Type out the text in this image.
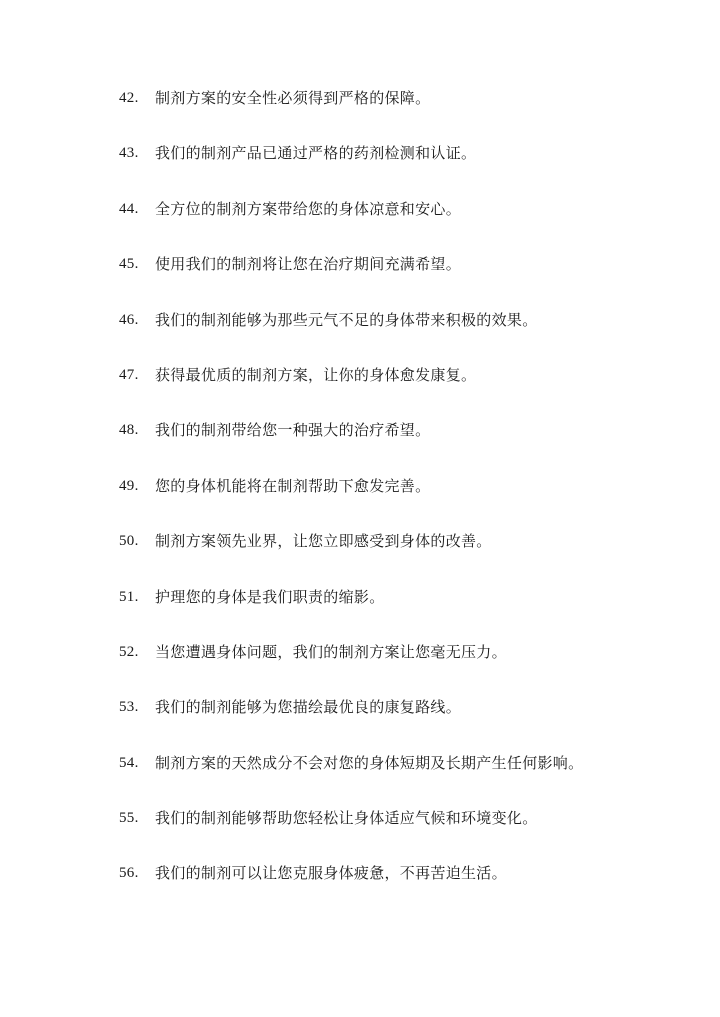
42.	制剂方案的安全性必须得到严格的保障。
43.	我们的制剂产品已通过严格的药剂检测和认证。
44.	全方位的制剂方案带给您的身体凉意和安心。
45.	使用我们的制剂将让您在治疗期间充满希望。
46.	我们的制剂能够为那些元气不足的身体带来积极的效果。
47.	获得最优质的制剂方案，让你的身体愈发康复。
48.	我们的制剂带给您一种强大的治疗希望。
49.	您的身体机能将在制剂帮助下愈发完善。
50.	制剂方案领先业界，让您立即感受到身体的改善。
51.	护理您的身体是我们职责的缩影。
52.	当您遭遇身体问题，我们的制剂方案让您毫无压力。
53.	我们的制剂能够为您描绘最优良的康复路线。
54.	制剂方案的天然成分不会对您的身体短期及长期产生任何影响。
55.	我们的制剂能够帮助您轻松让身体适应气候和环境变化。
56.	我们的制剂可以让您克服身体疲惫，不再苦迫生活。
